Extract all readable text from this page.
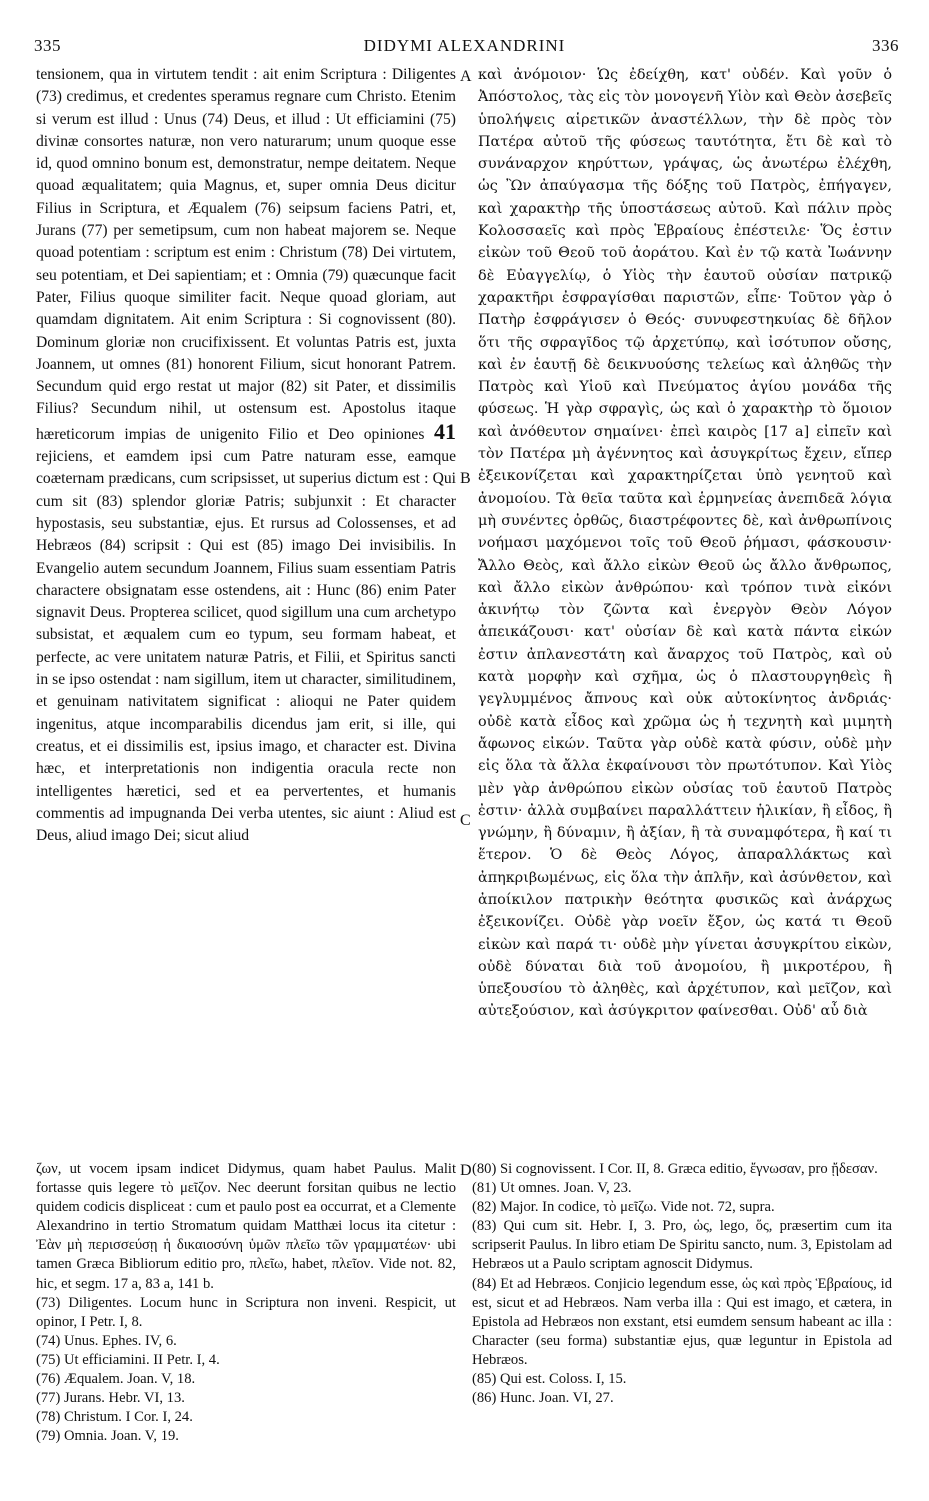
335	DIDYMI ALEXANDRINI	336

tensionem, qua in virtutem tendit : ait enim Scriptura : Diligentes (73) credimus, et credentes speramus regnare cum Christo. Etenim si verum est illud : Unus (74) Deus, et illud : Ut efficiamini (75) divinæ consortes naturæ, non vero naturarum; unum quoque esse id, quod omnino bonum est, demonstratur, nempe deitatem. Neque quoad æqualitatem; quia Magnus, et, super omnia Deus dicitur Filius in Scriptura, et Æqualem (76) seipsum faciens Patri, et, Jurans (77) per semetipsum, cum non habeat majorem se. Neque quoad potentiam : scriptum est enim : Christum (78) Dei virtutem, seu potentiam, et Dei sapientiam; et : Omnia (79) quæcunque facit Pater, Filius quoque similiter facit. Neque quoad gloriam, aut quamdam dignitatem. Ait enim Scriptura : Si cognovissent (80). Dominum gloriæ non crucifixissent. Et voluntas Patris est, juxta Joannem, ut omnes (81) honorent Filium, sicut honorant Patrem. Secundum quid ergo restat ut major (82) sit Pater, et dissimilis Filius? Secundum nihil, ut ostensum est. Apostolus itaque hæreticorum impias de unigenito Filio et Deo opiniones 41 rejiciens, et eamdem ipsi cum Patre naturam esse, eamque coæternam prædicans, cum scripsisset, ut superius dictum est : Qui cum sit (83) splendor gloriæ Patris; subjunxit : Et character hypostasis, seu substantiæ, ejus. Et rursus ad Colossenses, et ad Hebræos (84) scripsit : Qui est (85) imago Dei invisibilis. In Evangelio autem secundum Joannem, Filius suam essentiam Patris charactere obsignatam esse ostendens, ait : Hunc (86) enim Pater signavit Deus. Propterea scilicet, quod sigillum una cum archetypo subsistat, et æqualem cum eo typum, seu formam habeat, et perfecte, ac vere unitatem naturæ Patris, et Filii, et Spiritus sancti in se ipso ostendat : nam sigillum, item ut character, similitudinem, et genuinam nativitatem significat : alioqui ne Pater quidem ingenitus, atque incomparabilis dicendus jam erit, si ille, qui creatus, et ei dissimilis est, ipsius imago, et character est. Divina hæc, et interpretationis non indigentia oracula recte non intelligentes hæretici, sed et ea pervertentes, et humanis commentis ad impugnanda Dei verba utentes, sic aiunt : Aliud est Deus, aliud imago Dei; sicut aliud

A
B
C
D

καὶ ἀνόμοιον· Ὡς ἐδείχθη, κατ' οὐδέν. Καὶ γοῦν ὁ Ἀπόστολος, τὰς εἰς τὸν μονογενῆ Υἱὸν καὶ Θεὸν ἀσεβεῖς ὑπολήψεις αἱρετικῶν ἀναστέλλων, τὴν δὲ πρὸς τὸν Πατέρα αὐτοῦ τῆς φύσεως ταυτότητα, ἔτι δὲ καὶ τὸ συνάναρχον κηρύττων, γράψας, ὡς ἀνωτέρω ἐλέχθη, ὡς Ὢν ἀπαύγασμα τῆς δόξης τοῦ Πατρὸς, ἐπήγαγεν, καὶ χαρακτὴρ τῆς ὑποστάσεως αὐτοῦ. Καὶ πάλιν πρὸς Κολοσσαεῖς καὶ πρὸς Ἑβραίους ἐπέστειλε· Ὅς ἐστιν εἰκὼν τοῦ Θεοῦ τοῦ ἀοράτου. Καὶ ἐν τῷ κατὰ Ἰωάννην δὲ Εὐαγγελίῳ, ὁ Υἱὸς τὴν ἑαυτοῦ οὐσίαν πατρικῷ χαρακτῆρι ἐσφραγίσθαι παριστῶν, εἶπε· Τοῦτον γὰρ ὁ Πατὴρ ἐσφράγισεν ὁ Θεός· συνυφεστηκυίας δὲ δῆλον ὅτι τῆς σφραγῖδος τῷ ἀρχετύπῳ, καὶ ἰσότυπον οὔσης, καὶ ἐν ἑαυτῇ δὲ δεικνυούσης τελείως καὶ ἀληθῶς τὴν Πατρὸς καὶ Υἱοῦ καὶ Πνεύματος ἁγίου μονάδα τῆς φύσεως. Ἡ γὰρ σφραγὶς, ὡς καὶ ὁ χαρακτὴρ τὸ ὅμοιον καὶ ἀνόθευτον σημαίνει· ἐπεὶ καιρὸς [17 a] εἰπεῖν καὶ τὸν Πατέρα μὴ ἀγέννητος καὶ ἀσυγκρίτως ἔχειν, εἴπερ ἐξεικονίζεται καὶ χαρακτηρίζεται ὑπὸ γενητοῦ καὶ ἀνομοίου. Τὰ θεῖα ταῦτα καὶ ἑρμηνείας ἀνεπιδεᾶ λόγια μὴ συνέντες ὀρθῶς, διαστρέφοντες δὲ, καὶ ἀνθρωπίνοις νοήμασι μαχόμενοι τοῖς τοῦ Θεοῦ ῥήμασι, φάσκουσιν· Ἄλλο Θεὸς, καὶ ἄλλο εἰκὼν Θεοῦ ὡς ἄλλο ἄνθρωπος, καὶ ἄλλο εἰκὼν ἀνθρώπου· καὶ τρόπον τινὰ εἰκόνι ἀκινήτῳ τὸν ζῶντα καὶ ἐνεργὸν Θεὸν Λόγον ἀπεικάζουσι· κατ' οὐσίαν δὲ καὶ κατὰ πάντα εἰκών ἐστιν ἀπλανεστάτη καὶ ἄναρχος τοῦ Πατρὸς, καὶ οὐ κατὰ μορφὴν καὶ σχῆμα, ὡς ὁ πλαστουργηθεὶς ἢ γεγλυμμένος ἄπνους καὶ οὐκ αὐτοκίνητος ἀνδριάς· οὐδὲ κατὰ εἶδος καὶ χρῶμα ὡς ἡ τεχνητὴ καὶ μιμητὴ ἄφωνος εἰκών. Ταῦτα γὰρ οὐδὲ κατὰ φύσιν, οὐδὲ μὴν εἰς ὅλα τὰ ἄλλα ἐκφαίνουσι τὸν πρωτότυπον. Καὶ Υἱὸς μὲν γὰρ ἀνθρώπου εἰκὼν οὐσίας τοῦ ἑαυτοῦ Πατρὸς ἐστιν· ἀλλὰ συμβαίνει παραλλάττειν ἡλικίαν, ἢ εἶδος, ἢ γνώμην, ἢ δύναμιν, ἢ ἀξίαν, ἢ τὰ συναμφότερα, ἢ καί τι ἕτερον. Ὁ δὲ Θεὸς Λόγος, ἀπαραλλάκτως καὶ ἀπηκριβωμένως, εἰς ὅλα τὴν ἁπλῆν, καὶ ἀσύνθετον, καὶ ἀποίκιλον πατρικὴν θεότητα φυσικῶς καὶ ἀνάρχως ἐξεικονίζει. Οὐδὲ γὰρ νοεῖν ἔξον, ὡς κατά τι Θεοῦ εἰκὼν καὶ παρά τι· οὐδὲ μὴν γίνεται ἀσυγκρίτου εἰκὼν, οὐδὲ δύναται διὰ τοῦ ἀνομοίου, ἢ μικροτέρου, ἢ ὑπεξουσίου τὸ ἀληθὲς, καὶ ἀρχέτυπον, καὶ μεῖζον, καὶ αὐτεξούσιον, καὶ ἀσύγκριτον φαίνεσθαι. Οὐδ' αὖ διὰ

ζων, ut vocem ipsam indicet Didymus, quam habet Paulus. Malit fortasse quis legere τὸ μεῖζον. Nec deerunt forsitan quibus ne lectio quidem codicis displiceat : cum et paulo post ea occurrat, et a Clemente Alexandrino in tertio Stromatum quidam Matthæi locus ita citetur : Ἐὰν μὴ περισσεύσῃ ἡ δικαιοσύνη ὑμῶν πλεῖω τῶν γραμματέων· ubi tamen Græca Bibliorum editio pro, πλεῖω, habet, πλεῖον. Vide not. 82, hic, et segm. 17 a, 83 a, 141 b.

(73) Diligentes. Locum hunc in Scriptura non inveni. Respicit, ut opinor, I Petr. I, 8.

(74) Unus. Ephes. IV, 6.

(75) Ut efficiamini. II Petr. I, 4.

(76) Æqualem. Joan. V, 18.

(77) Jurans. Hebr. VI, 13.

(78) Christum. I Cor. I, 24.

(79) Omnia. Joan. V, 19.

(80) Si cognovissent. I Cor. II, 8. Græca editio, ἔγνωσαν, pro ᾔδεσαν.

(81) Ut omnes. Joan. V, 23.

(82) Major. In codice, τὸ μεῖζω. Vide not. 72, supra.

(83) Qui cum sit. Hebr. I, 3. Pro, ὡς, lego, ὅς, præsertim cum ita scripserit Paulus. In libro etiam De Spiritu sancto, num. 3, Epistolam ad Hebræos ut a Paulo scriptam agnoscit Didymus.

(84) Et ad Hebræos. Conjicio legendum esse, ὡς καὶ πρὸς Ἑβραίους, id est, sicut et ad Hebræos. Nam verba illa : Qui est imago, et cætera, in Epistola ad Hebræos non exstant, etsi eumdem sensum habeant ac illa : Character (seu forma) substantiæ ejus, quæ leguntur in Epistola ad Hebræos.

(85) Qui est. Coloss. I, 15.

(86) Hunc. Joan. VI, 27.
